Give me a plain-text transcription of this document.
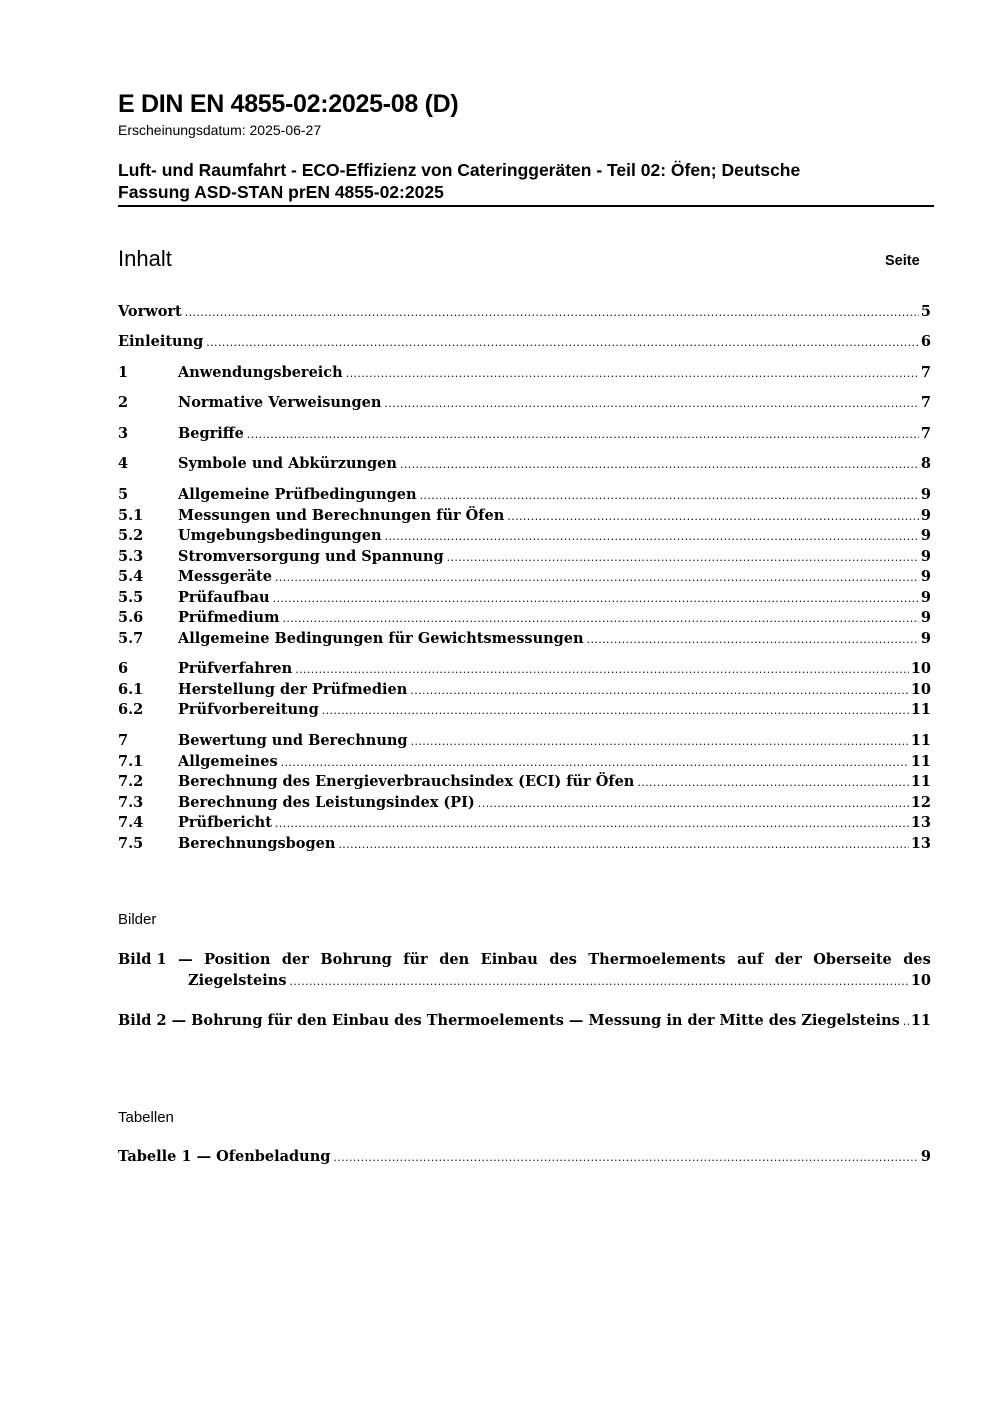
E DIN EN 4855-02:2025-08 (D)
Erscheinungsdatum: 2025-06-27
Luft- und Raumfahrt - ECO-Effizienz von Cateringgeräten - Teil 02: Öfen; Deutsche
Fassung ASD-STAN prEN 4855-02:2025
Inhalt	Seite
Vorwort .....	5
Einleitung .....	6
1	Anwendungsbereich .....	7
2	Normative Verweisungen .....	7
3	Begriffe .....	7
4	Symbole und Abkürzungen .....	8
5	Allgemeine Prüfbedingungen .....	9
5.1	Messungen und Berechnungen für Öfen .....	9
5.2	Umgebungsbedingungen .....	9
5.3	Stromversorgung und Spannung .....	9
5.4	Messgeräte .....	9
5.5	Prüfaufbau .....	9
5.6	Prüfmedium .....	9
5.7	Allgemeine Bedingungen für Gewichtsmessungen .....	9
6	Prüfverfahren .....	10
6.1	Herstellung der Prüfmedien .....	10
6.2	Prüfvorbereitung .....	11
7	Bewertung und Berechnung .....	11
7.1	Allgemeines .....	11
7.2	Berechnung des Energieverbrauchsindex (ECI) für Öfen .....	11
7.3	Berechnung des Leistungsindex (PI) .....	12
7.4	Prüfbericht .....	13
7.5	Berechnungsbogen .....	13
Bilder
Bild 1 — Position der Bohrung für den Einbau des Thermoelements auf der Oberseite des
Ziegelsteins .....	10
Bild 2 — Bohrung für den Einbau des Thermoelements — Messung in der Mitte des Ziegelsteins ..... 11
Tabellen
Tabelle 1 — Ofenbeladung .....	9
